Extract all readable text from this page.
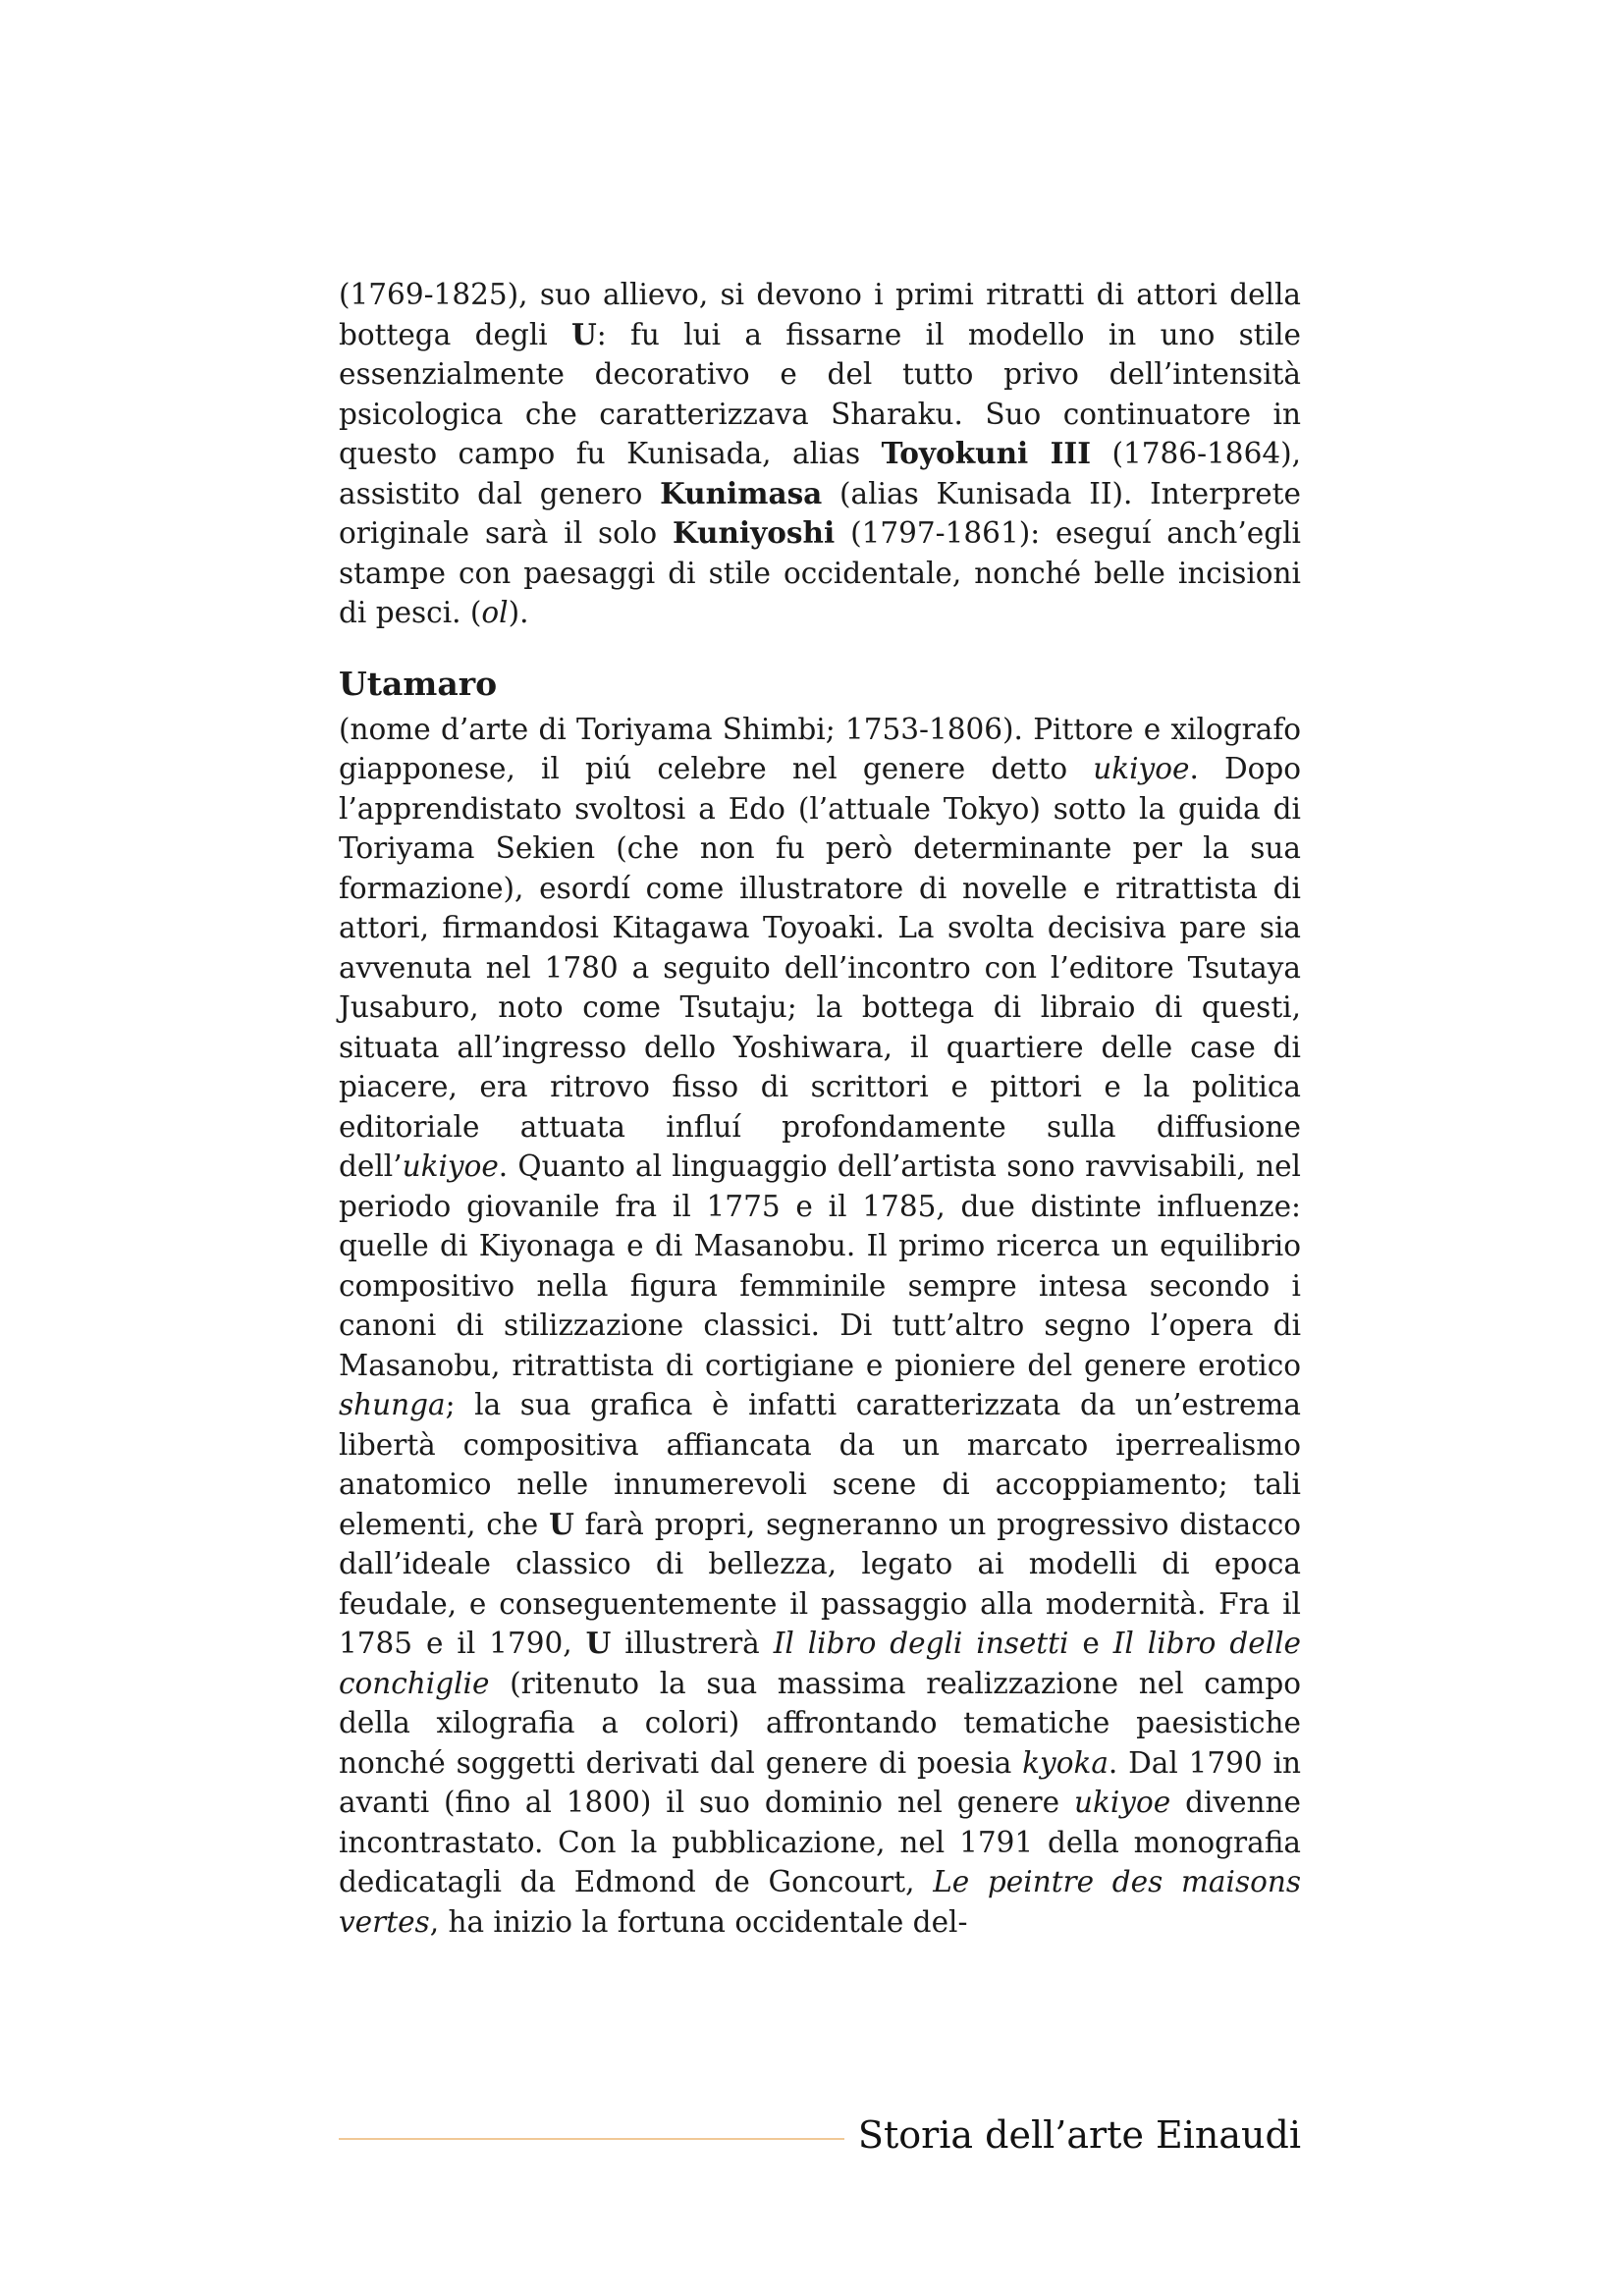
(1769-1825), suo allievo, si devono i primi ritratti di attori della bottega degli U: fu lui a fissarne il modello in uno stile essenzialmente decorativo e del tutto privo dell’intensità psicologica che caratterizzava Sharaku. Suo continuatore in questo campo fu Kunisada, alias Toyokuni III (1786-1864), assistito dal genero Kunimasa (alias Kunisada II). Interprete originale sarà il solo Kuniyoshi (1797-1861): eseguí anch’egli stampe con paesaggi di stile occidentale, nonché belle incisioni di pesci. (ol).

Utamaro

(nome d’arte di Toriyama Shimbi; 1753-1806). Pittore e xilografo giapponese, il piú celebre nel genere detto ukiyoe. Dopo l’apprendistato svoltosi a Edo (l’attuale Tokyo) sotto la guida di Toriyama Sekien (che non fu però determinante per la sua formazione), esordí come illustratore di novelle e ritrattista di attori, firmandosi Kitagawa Toyoaki. La svolta decisiva pare sia avvenuta nel 1780 a seguito dell’incontro con l’editore Tsutaya Jusaburo, noto come Tsutaju; la bottega di libraio di questi, situata all’ingresso dello Yoshiwara, il quartiere delle case di piacere, era ritrovo fisso di scrittori e pittori e la politica editoriale attuata influí profondamente sulla diffusione dell’ukiyoe. Quanto al linguaggio dell’artista sono ravvisabili, nel periodo giovanile fra il 1775 e il 1785, due distinte influenze: quelle di Kiyonaga e di Masanobu. Il primo ricerca un equilibrio compositivo nella figura femminile sempre intesa secondo i canoni di stilizzazione classici. Di tutt’altro segno l’opera di Masanobu, ritrattista di cortigiane e pioniere del genere erotico shunga; la sua grafica è infatti caratterizzata da un’estrema libertà compositiva affiancata da un marcato iperrealismo anatomico nelle innumerevoli scene di accoppiamento; tali elementi, che U farà propri, segneranno un progressivo distacco dall’ideale classico di bellezza, legato ai modelli di epoca feudale, e conseguentemente il passaggio alla modernità. Fra il 1785 e il 1790, U illustrerà Il libro degli insetti e Il libro delle conchiglie (ritenuto la sua massima realizzazione nel campo della xilografia a colori) affrontando tematiche paesistiche nonché soggetti derivati dal genere di poesia kyoka. Dal 1790 in avanti (fino al 1800) il suo dominio nel genere ukiyoe divenne incontrastato. Con la pubblicazione, nel 1791 della monografia dedicatagli da Edmond de Goncourt, Le peintre des maisons vertes, ha inizio la fortuna occidentale del-

Storia dell’arte Einaudi
